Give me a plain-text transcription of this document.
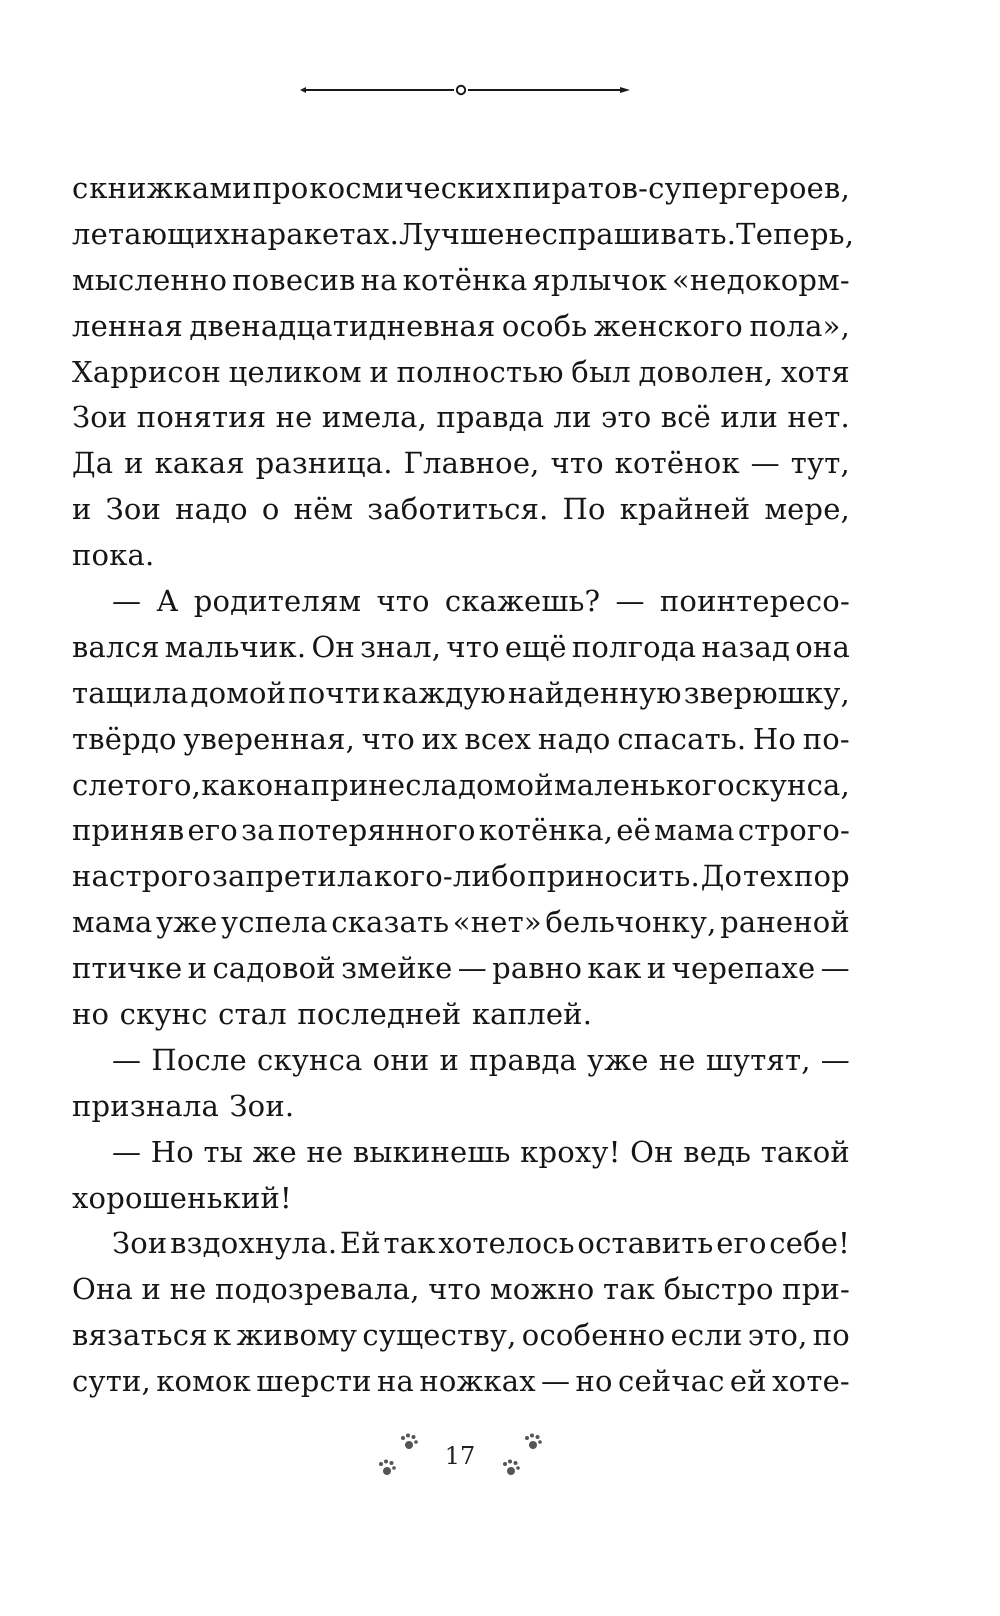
с книжками про космических пиратов-супергероев,
летающих на ракетах. Лучше не спрашивать. Теперь,
мысленно повесив на котёнка ярлычок «недокорм-
ленная двенадцатидневная особь женского пола»,
Харрисон целиком и полностью был доволен, хотя
Зои понятия не имела, правда ли это всё или нет.
Да и какая разница. Главное, что котёнок — тут,
и Зои надо о нём заботиться. По крайней мере,
пока.
— А родителям что скажешь? — поинтересо-
вался мальчик. Он знал, что ещё полгода назад она
тащила домой почти каждую найденную зверюшку,
твёрдо уверенная, что их всех надо спасать. Но по-
сле того, как она принесла домой маленького скунса,
приняв его за потерянного котёнка, её мама строго-
настрого запретила кого-либо приносить. До тех пор
мама уже успела сказать «нет» бельчонку, раненой
птичке и садовой змейке — равно как и черепахе —
но скунс стал последней каплей.
— После скунса они и правда уже не шутят, —
признала Зои.
— Но ты же не выкинешь кроху! Он ведь такой
хорошенький!
Зои вздохнула. Ей так хотелось оставить его себе!
Она и не подозревала, что можно так быстро при-
вязаться к живому существу, особенно если это, по
сути, комок шерсти на ножках — но сейчас ей хоте-
17
